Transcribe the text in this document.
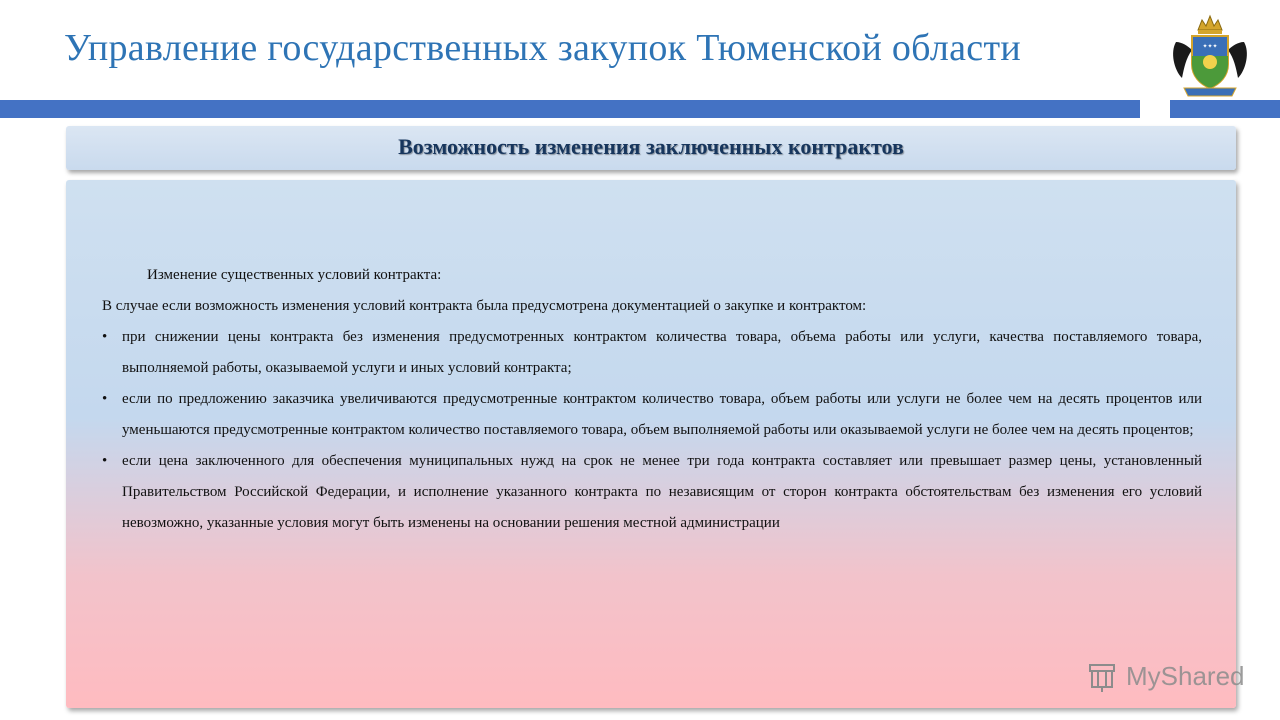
Управление государственных закупок Тюменской области	✦✦✦
Возможность изменения заключенных контрактов

Изменение существенных условий контракта:

В случае если возможность изменения условий контракта была предусмотрена документацией о закупке и контрактом:

• при снижении цены контракта без изменения предусмотренных контрактом количества товара, объема работы или услуги, качества поставляемого товара, выполняемой работы, оказываемой услуги и иных условий контракта;
• если по предложению заказчика увеличиваются предусмотренные контрактом количество товара, объем работы или услуги не более чем на десять процентов или уменьшаются предусмотренные контрактом количество поставляемого товара, объем выполняемой работы или оказываемой услуги не более чем на десять процентов;
• если цена заключенного для обеспечения муниципальных нужд на срок не менее три года контракта составляет или превышает размер цены, установленный Правительством Российской Федерации, и исполнение указанного контракта по независящим от сторон контракта обстоятельствам без изменения его условий невозможно, указанные условия могут быть изменены на основании решения местной администрации
MyShared
